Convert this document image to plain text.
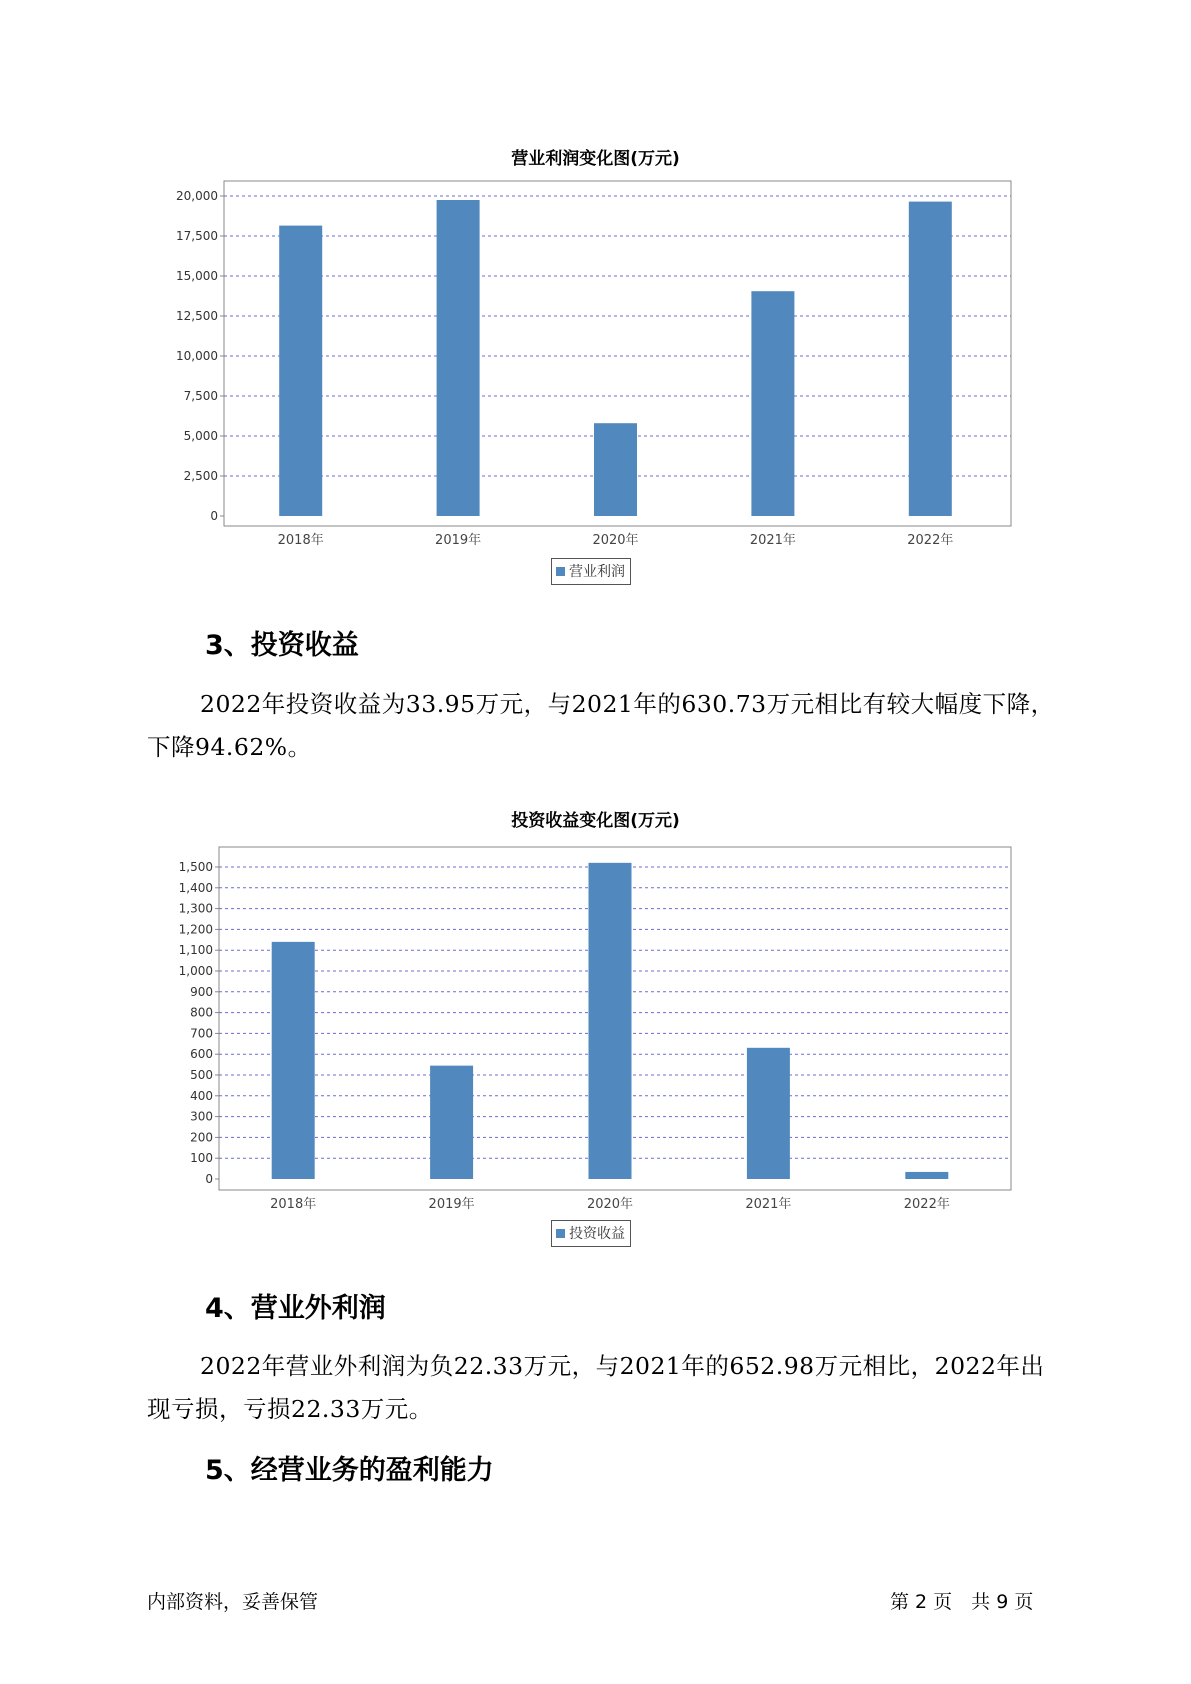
营业利润变化图(万元)
0
2,500
5,000
7,500
10,000
12,500
15,000
17,500
20,000
2018年	2019年	2020年	2021年	2022年
营业利润
3、投资收益
2022年投资收益为33.95万元，与2021年的630.73万元相比有较大幅度下降，下降94.62%。
投资收益变化图(万元)
0
100
200
300
400
500
600
700
800
900
1,000
1,100
1,200
1,300
1,400
1,500
2018年	2019年	2020年	2021年	2022年
投资收益
4、营业外利润
2022年营业外利润为负22.33万元，与2021年的652.98万元相比，2022年出现亏损，亏损22.33万元。
5、经营业务的盈利能力
内部资料，妥善保管	第 2 页　共 9 页
